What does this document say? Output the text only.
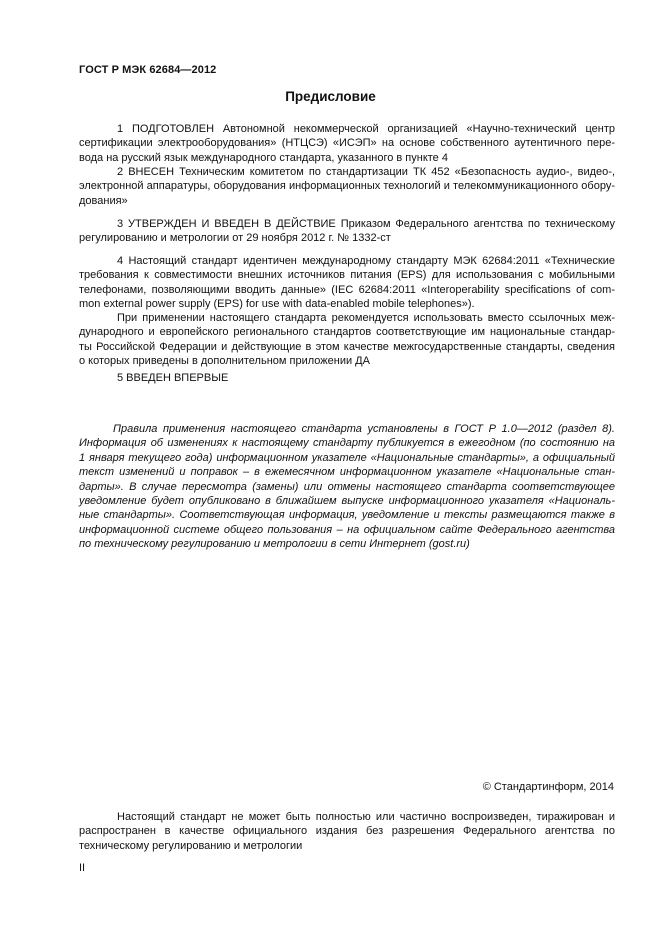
ГОСТ Р МЭК 62684—2012
Предисловие

1 ПОДГОТОВЛЕН Автономной некоммерческой организацией «Научно-технический центр
сертификации электрооборудования» (НТЦСЭ) «ИСЭП» на основе собственного аутентичного пере-
вода на русский язык международного стандарта, указанного в пункте 4

2 ВНЕСЕН Техническим комитетом по стандартизации ТК 452 «Безопасность аудио-, видео-,
электронной аппаратуры, оборудования информационных технологий и телекоммуникационного обору-
дования»

3 УТВЕРЖДЕН И ВВЕДЕН В ДЕЙСТВИЕ Приказом Федерального агентства по техническому
регулированию и метрологии от 29 ноября 2012 г. № 1332-ст

4 Настоящий стандарт идентичен международному стандарту МЭК 62684:2011 «Технические
требования к совместимости внешних источников питания (EPS) для использования с мобильными
телефонами, позволяющими вводить данные» (IEC 62684:2011 «Interoperability specifications of com-
mon external power supply (EPS) for use with data-enabled mobile telephones»).

При применении настоящего стандарта рекомендуется использовать вместо ссылочных меж-
дународного и европейского регионального стандартов соответствующие им национальные стандар-
ты Российской Федерации и действующие в этом качестве межгосударственные стандарты, сведения
о которых приведены в дополнительном приложении ДА

5 ВВЕДЕН ВПЕРВЫЕ

Правила применения настоящего стандарта установлены в ГОСТ Р 1.0—2012 (раздел 8).
Информация об изменениях к настоящему стандарту публикуется в ежегодном (по состоянию на
1 января текущего года) информационном указателе «Национальные стандарты», а официальный
текст изменений и поправок – в ежемесячном информационном указателе «Национальные стан-
дарты». В случае пересмотра (замены) или отмены настоящего стандарта соответствующее
уведомление будет опубликовано в ближайшем выпуске информационного указателя «Националь-
ные стандарты». Соответствующая информация, уведомление и тексты размещаются также в
информационной системе общего пользования – на официальном сайте Федерального агентства
по техническому регулированию и метрологии в сети Интернет (gost.ru)

© Стандартинформ, 2014

Настоящий стандарт не может быть полностью или частично воспроизведен, тиражирован и
распространен в качестве официального издания без разрешения Федерального агентства по
техническому регулированию и метрологии

II
